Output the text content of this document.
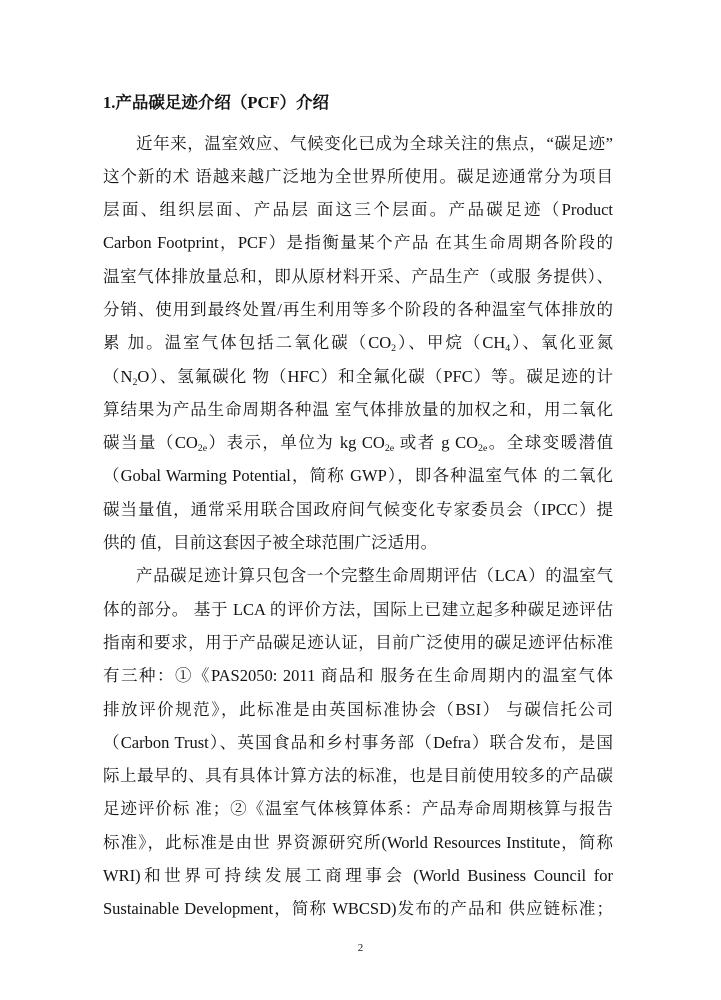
1.产品碳足迹介绍（PCF）介绍
近年来，温室效应、气候变化已成为全球关注的焦点，“碳足迹”
这个新的术 语越来越广泛地为全世界所使用。碳足迹通常分为项目
层面、组织层面、产品层 面这三个层面。产品碳足迹（Product
Carbon Footprint，PCF）是指衡量某个产品 在其生命周期各阶段的
温室气体排放量总和，即从原材料开采、产品生产（或服 务提供）、
分销、使用到最终处置/再生利用等多个阶段的各种温室气体排放的
累 加。温室气体包括二氧化碳$(CO_2)$、甲烷$(CH_4)$、氧化亚氮
$(N_2O)$、氢氟碳化 物（HFC）和全氟化碳（PFC）等。碳足迹的计
算结果为产品生命周期各种温 室气体排放量的加权之和，用二氧化
碳当量$(CO_{2e})$表示，单位为 kg $CO_{2e}$ 或者 g $CO_{2e}$。全球变暖潜值
（Gobal Warming Potential，简称 GWP），即各种温室气体 的二氧化
碳当量值，通常采用联合国政府间气候变化专家委员会（IPCC）提
供的 值，目前这套因子被全球范围广泛适用。
产品碳足迹计算只包含一个完整生命周期评估（LCA）的温室气
体的部分。 基于 LCA 的评价方法，国际上已建立起多种碳足迹评估
指南和要求，用于产品碳足迹认证，目前广泛使用的碳足迹评估标准
有三种：①《PAS2050: 2011 商品和 服务在生命周期内的温室气体
排放评价规范》，此标准是由英国标准协会（BSI） 与碳信托公司
（Carbon Trust）、英国食品和乡村事务部（Defra）联合发布，是国
际上最早的、具有具体计算方法的标准，也是目前使用较多的产品碳
足迹评价标 准；②《温室气体核算体系：产品寿命周期核算与报告
标准》，此标准是由世 界资源研究所(World Resources Institute，简称
WRI)和世界可持续发展工商理事会 (World Business Council for
Sustainable Development，简称 WBCSD)发布的产品和 供应链标准；
2
